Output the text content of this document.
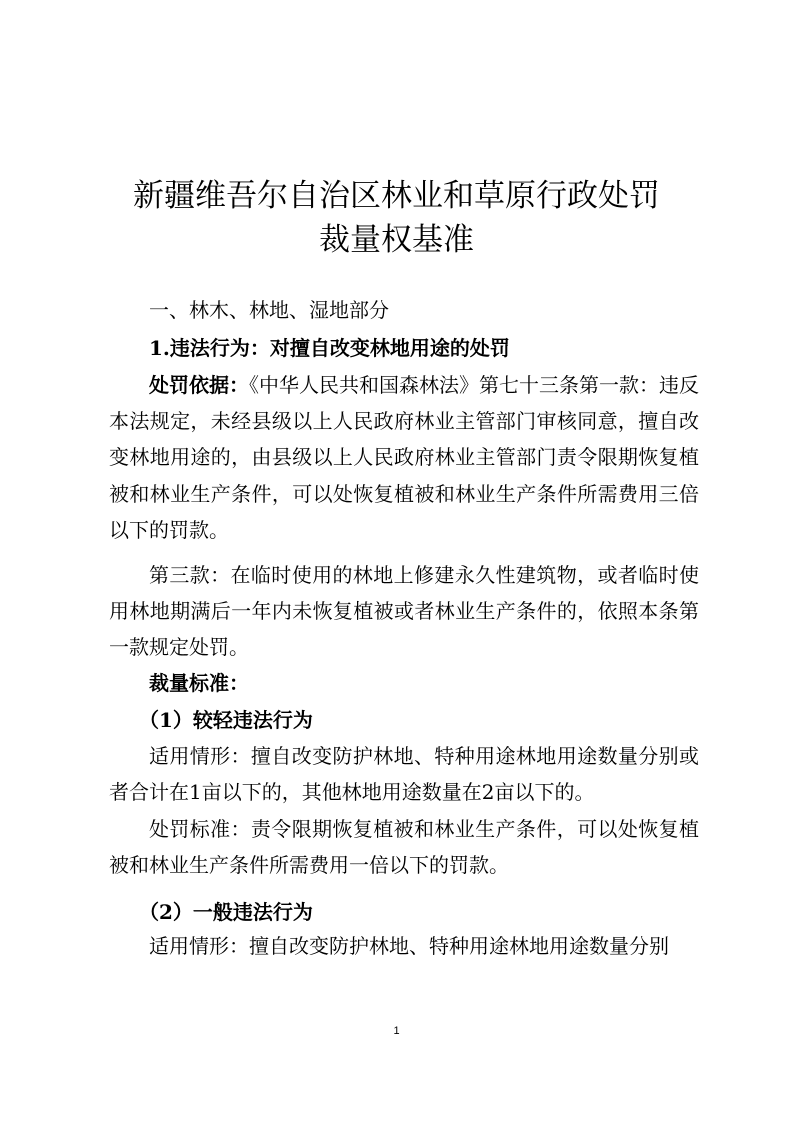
新疆维吾尔自治区林业和草原行政处罚
裁量权基准

一、林木、林地、湿地部分

1.违法行为：对擅自改变林地用途的处罚

处罚依据：《中华人民共和国森林法》第七十三条第一款：违反本法规定，未经县级以上人民政府林业主管部门审核同意，擅自改变林地用途的，由县级以上人民政府林业主管部门责令限期恢复植被和林业生产条件，可以处恢复植被和林业生产条件所需费用三倍以下的罚款。

第三款：在临时使用的林地上修建永久性建筑物，或者临时使用林地期满后一年内未恢复植被或者林业生产条件的，依照本条第一款规定处罚。

裁量标准：

（1）较轻违法行为

适用情形：擅自改变防护林地、特种用途林地用途数量分别或者合计在1亩以下的，其他林地用途数量在2亩以下的。

处罚标准：责令限期恢复植被和林业生产条件，可以处恢复植被和林业生产条件所需费用一倍以下的罚款。

（2）一般违法行为

适用情形：擅自改变防护林地、特种用途林地用途数量分别

1
